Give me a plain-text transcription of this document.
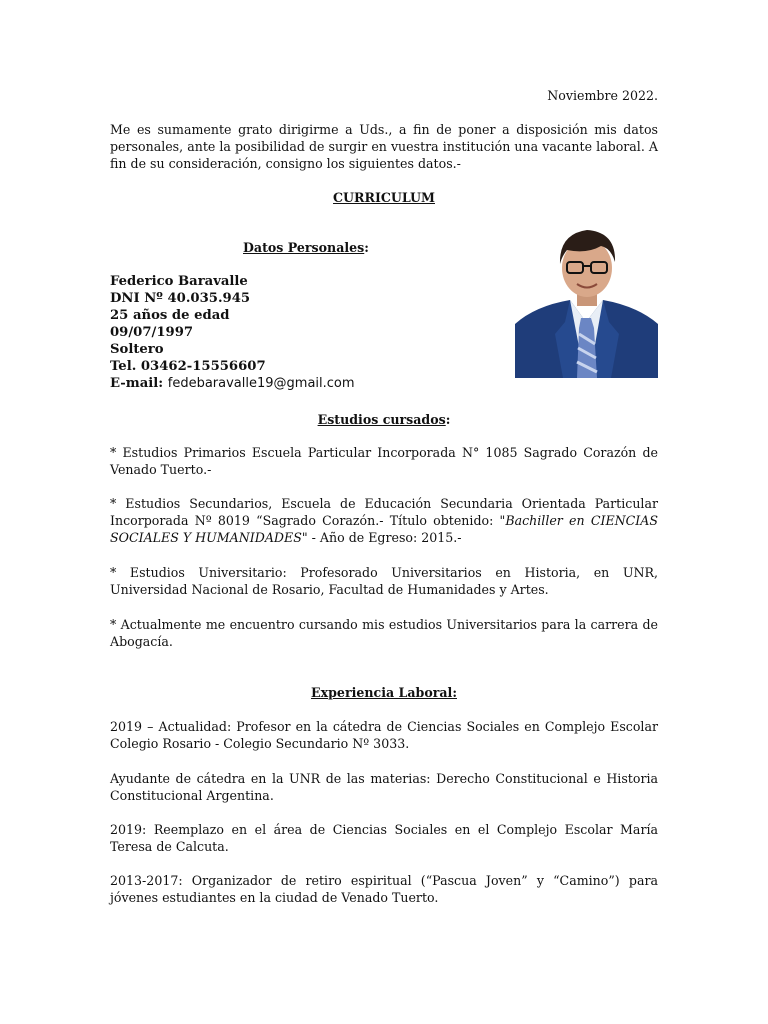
Noviembre 2022.

Me es sumamente grato dirigirme a Uds., a fin de poner a disposición mis datos personales, ante la posibilidad de surgir en vuestra institución una vacante laboral. A fin de su consideración, consigno los siguientes datos.-

CURRICULUM
Datos Personales:
Federico Baravalle
DNI Nº 40.035.945
25 años de edad
09/07/1997
Soltero
Tel. 03462-15556607
E-mail: fedebaravalle19@gmail.com
Estudios cursados:

* Estudios Primarios Escuela Particular Incorporada N° 1085 Sagrado Corazón de Venado Tuerto.-

* Estudios Secundarios, Escuela de Educación Secundaria Orientada Particular Incorporada Nº 8019 “Sagrado Corazón.- Título obtenido: "Bachiller en CIENCIAS SOCIALES Y HUMANIDADES" - Año de Egreso: 2015.-

* Estudios Universitario: Profesorado Universitarios en Historia, en UNR, Universidad Nacional de Rosario, Facultad de Humanidades y Artes.

* Actualmente me encuentro cursando mis estudios Universitarios para la carrera de Abogacía.

Experiencia Laboral:

2019 – Actualidad: Profesor en la cátedra de Ciencias Sociales en Complejo Escolar Colegio Rosario - Colegio Secundario Nº 3033.

Ayudante de cátedra en la UNR de las materias: Derecho Constitucional e Historia Constitucional Argentina.

2019: Reemplazo en el área de Ciencias Sociales en el Complejo Escolar María Teresa de Calcuta.

2013-2017: Organizador de retiro espiritual (“Pascua Joven” y “Camino”) para jóvenes estudiantes en la ciudad de Venado Tuerto.
